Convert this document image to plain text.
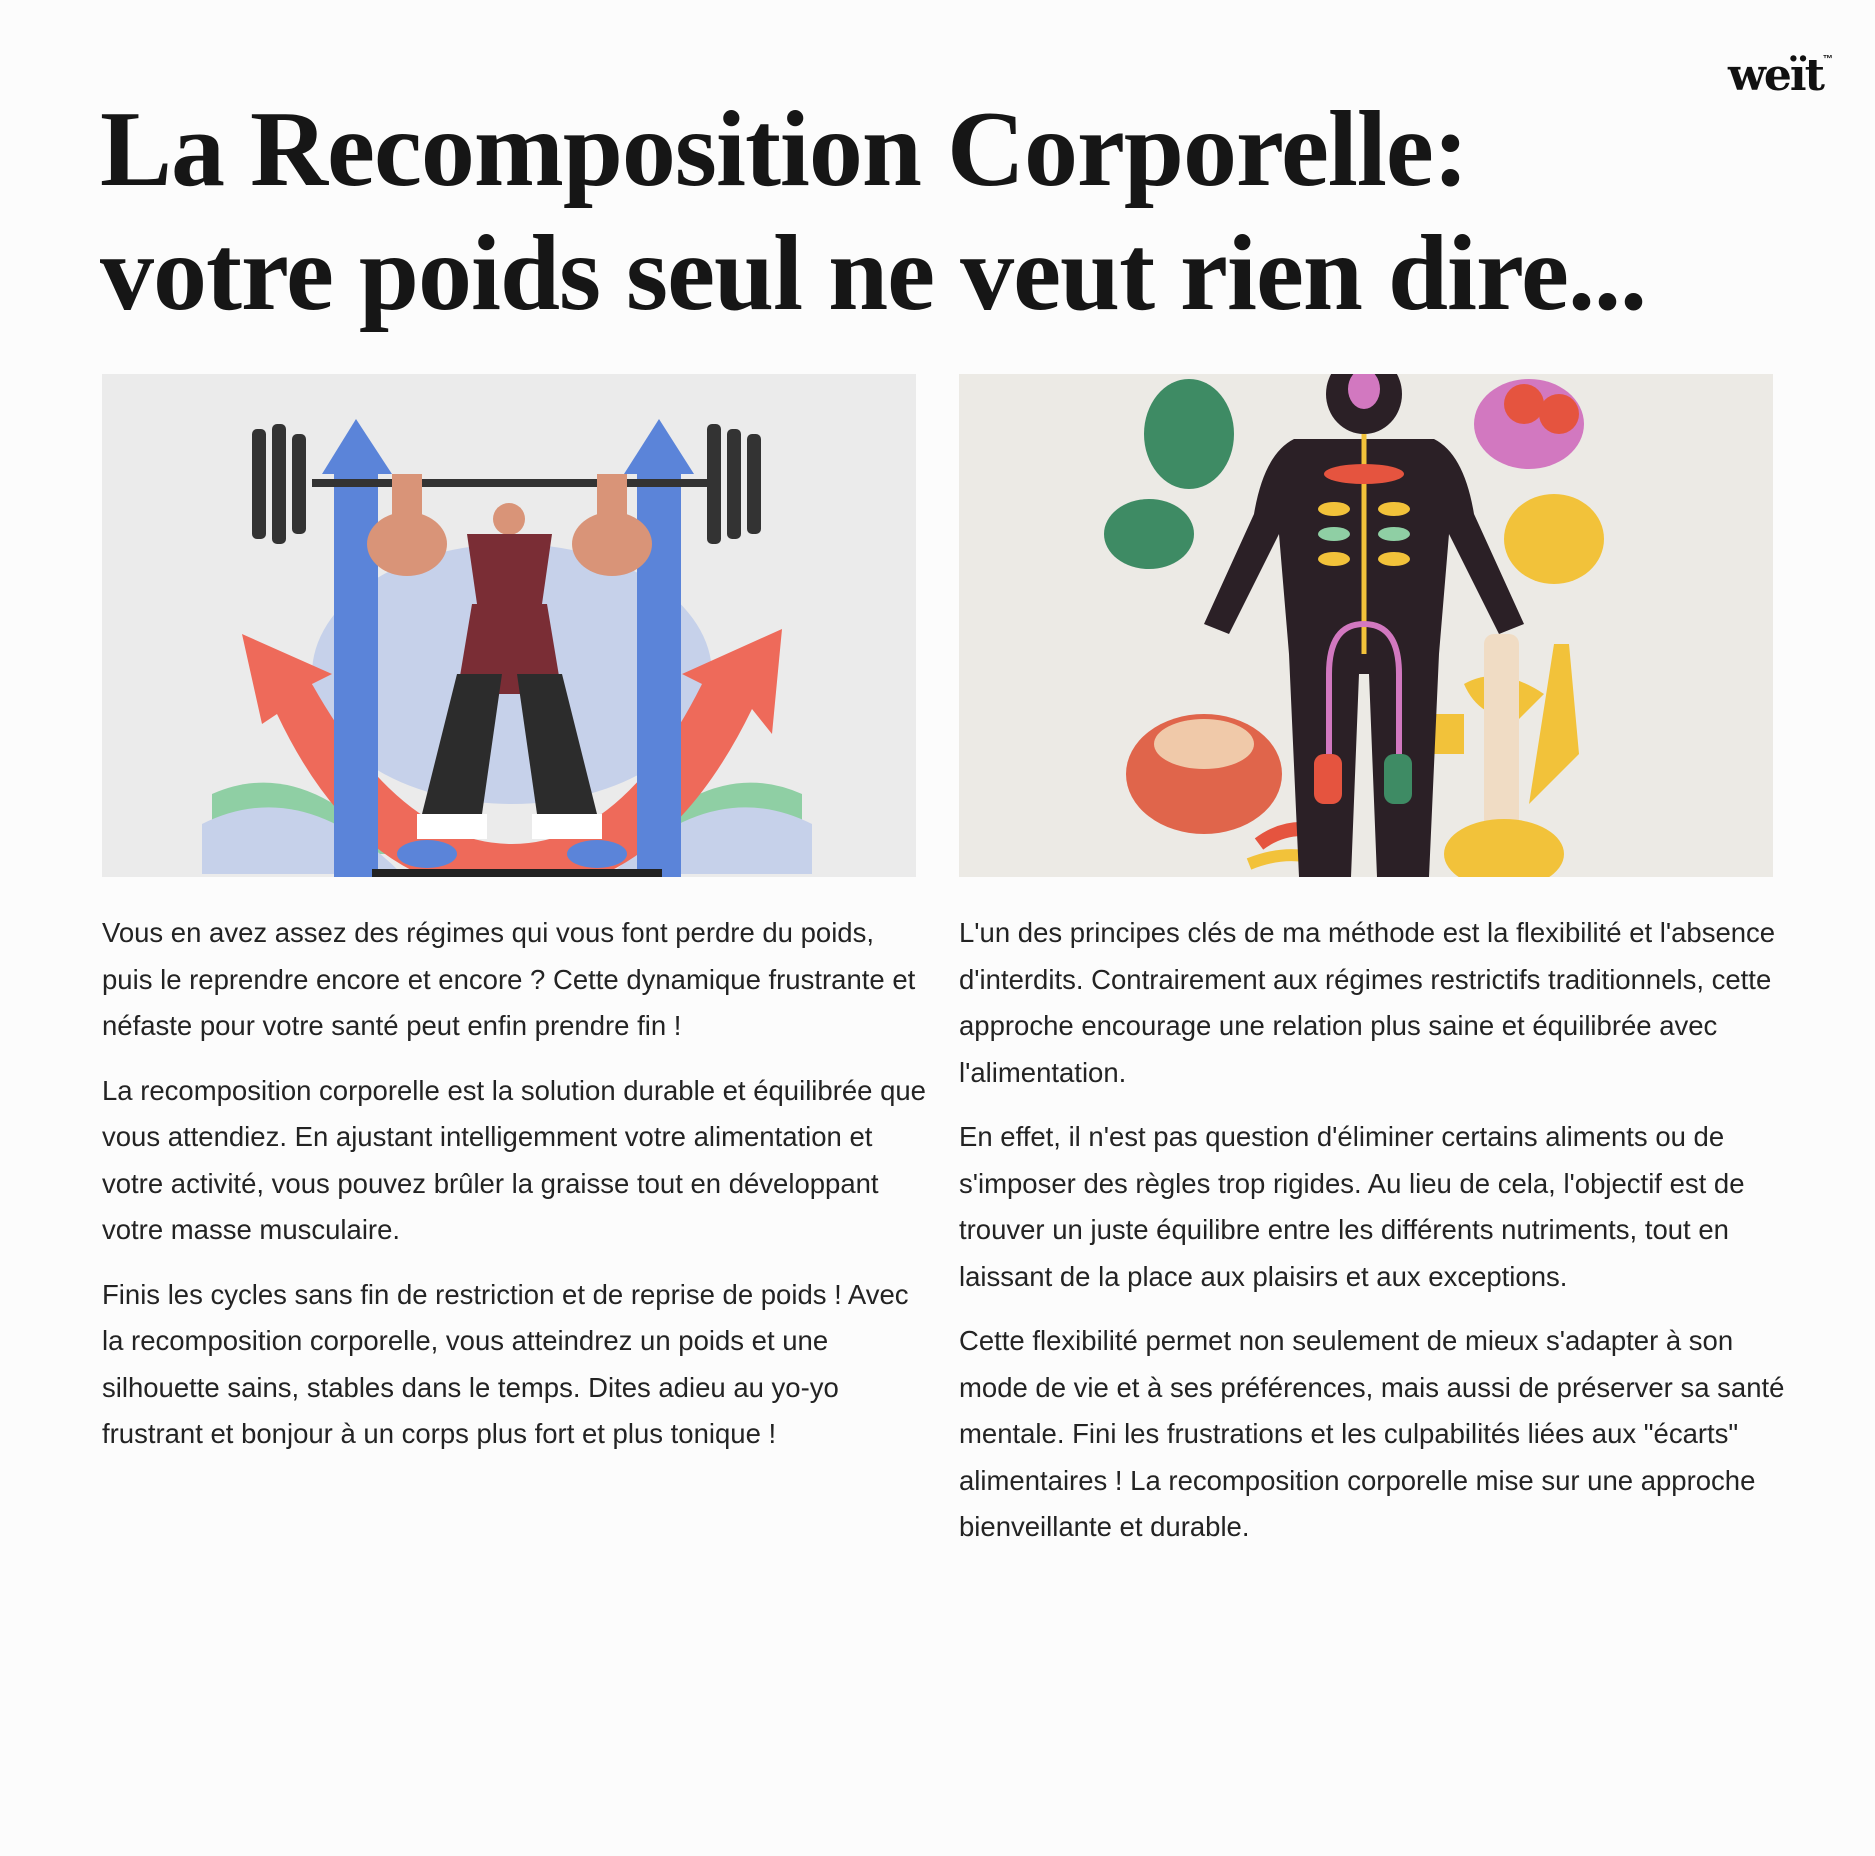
weït™
La Recomposition Corporelle:
votre poids seul ne veut rien dire...

Vous en avez assez des régimes qui vous font perdre du poids, puis le reprendre encore et encore ? Cette dynamique frustrante et néfaste pour votre santé peut enfin prendre fin !

La recomposition corporelle est la solution durable et équilibrée que vous attendiez. En ajustant intelligemment votre alimentation et votre activité, vous pouvez brûler la graisse tout en développant votre masse musculaire.

Finis les cycles sans fin de restriction et de reprise de poids ! Avec la recomposition corporelle, vous atteindrez un poids et une silhouette sains, stables dans le temps. Dites adieu au yo-yo frustrant et bonjour à un corps plus fort et plus tonique !

L'un des principes clés de ma méthode est la flexibilité et l'absence d'interdits. Contrairement aux régimes restrictifs traditionnels, cette approche encourage une relation plus saine et équilibrée avec l'alimentation.

En effet, il n'est pas question d'éliminer certains aliments ou de s'imposer des règles trop rigides. Au lieu de cela, l'objectif est de trouver un juste équilibre entre les différents nutriments, tout en laissant de la place aux plaisirs et aux exceptions.

Cette flexibilité permet non seulement de mieux s'adapter à son mode de vie et à ses préférences, mais aussi de préserver sa santé mentale. Fini les frustrations et les culpabilités liées aux "écarts" alimentaires ! La recomposition corporelle mise sur une approche bienveillante et durable.
